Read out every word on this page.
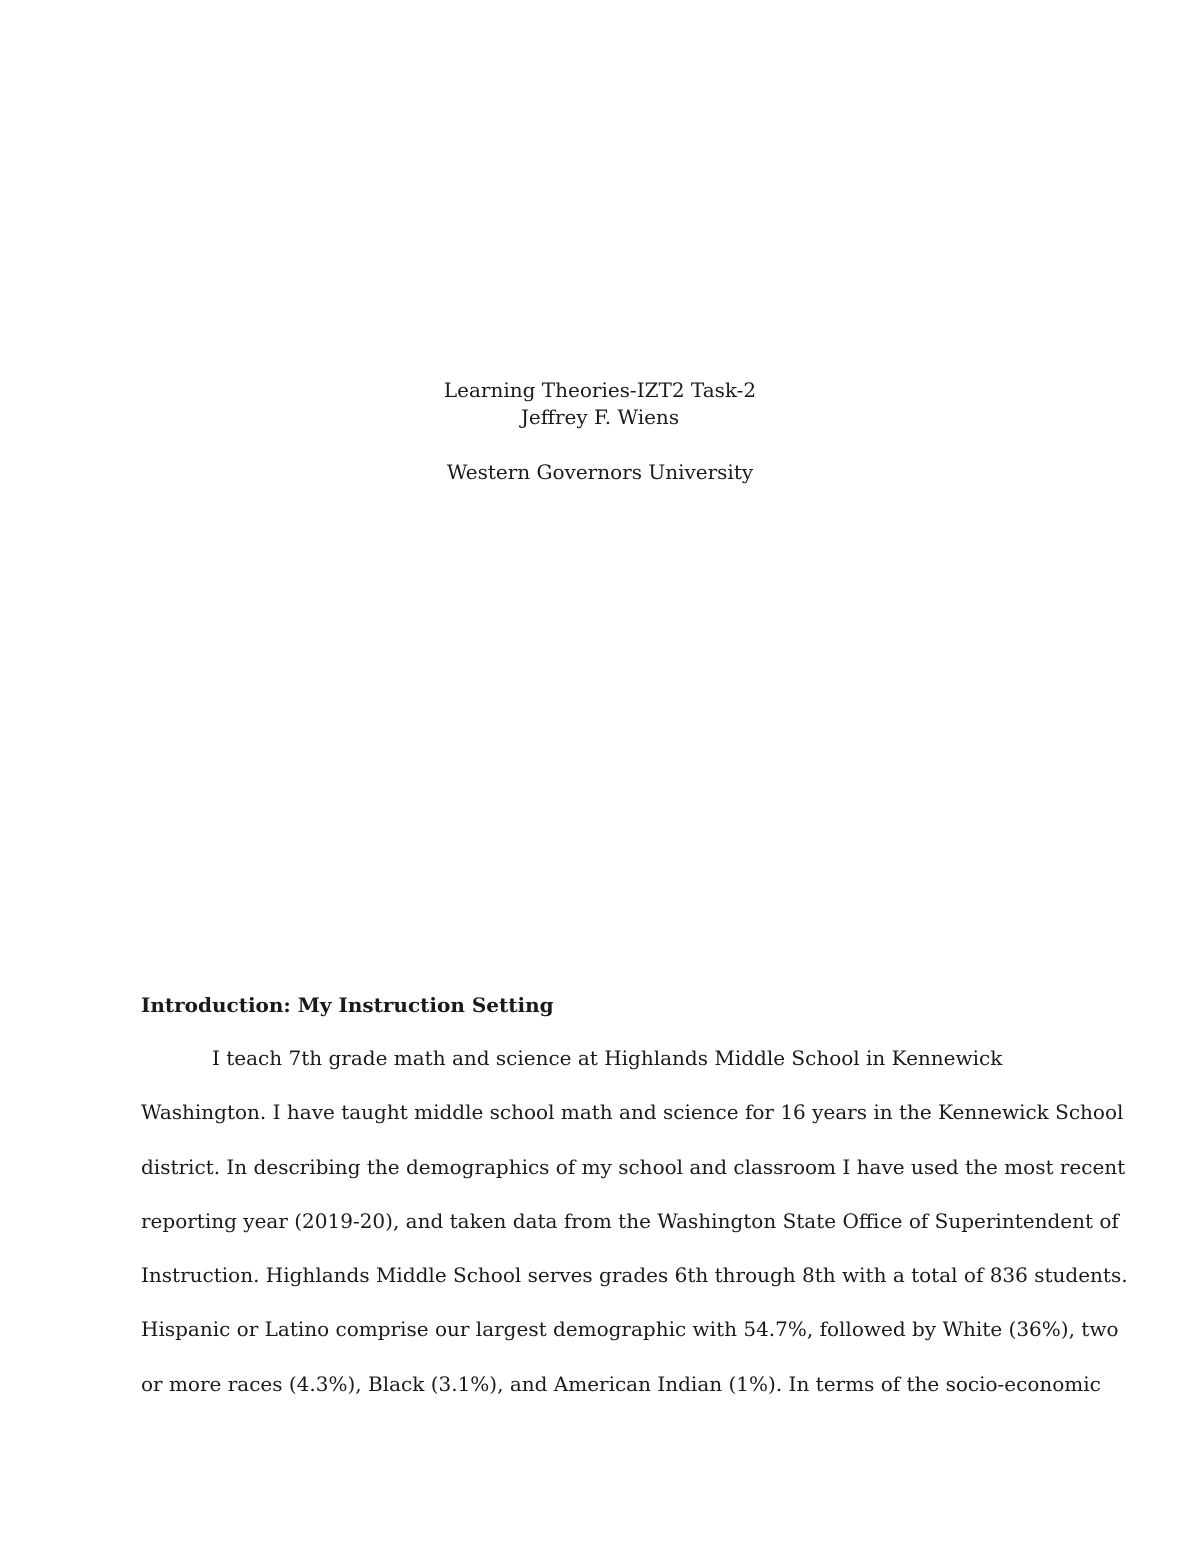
Learning Theories-IZT2 Task-2
Jeffrey F. Wiens
Western Governors University

Introduction: My Instruction Setting

I teach 7th grade math and science at Highlands Middle School in Kennewick
Washington. I have taught middle school math and science for 16 years in the Kennewick School
district. In describing the demographics of my school and classroom I have used the most recent
reporting year (2019-20), and taken data from the Washington State Office of Superintendent of
Instruction. Highlands Middle School serves grades 6th through 8th with a total of 836 students.
Hispanic or Latino comprise our largest demographic with 54.7%, followed by White (36%), two
or more races (4.3%), Black (3.1%), and American Indian (1%). In terms of the socio-economic
